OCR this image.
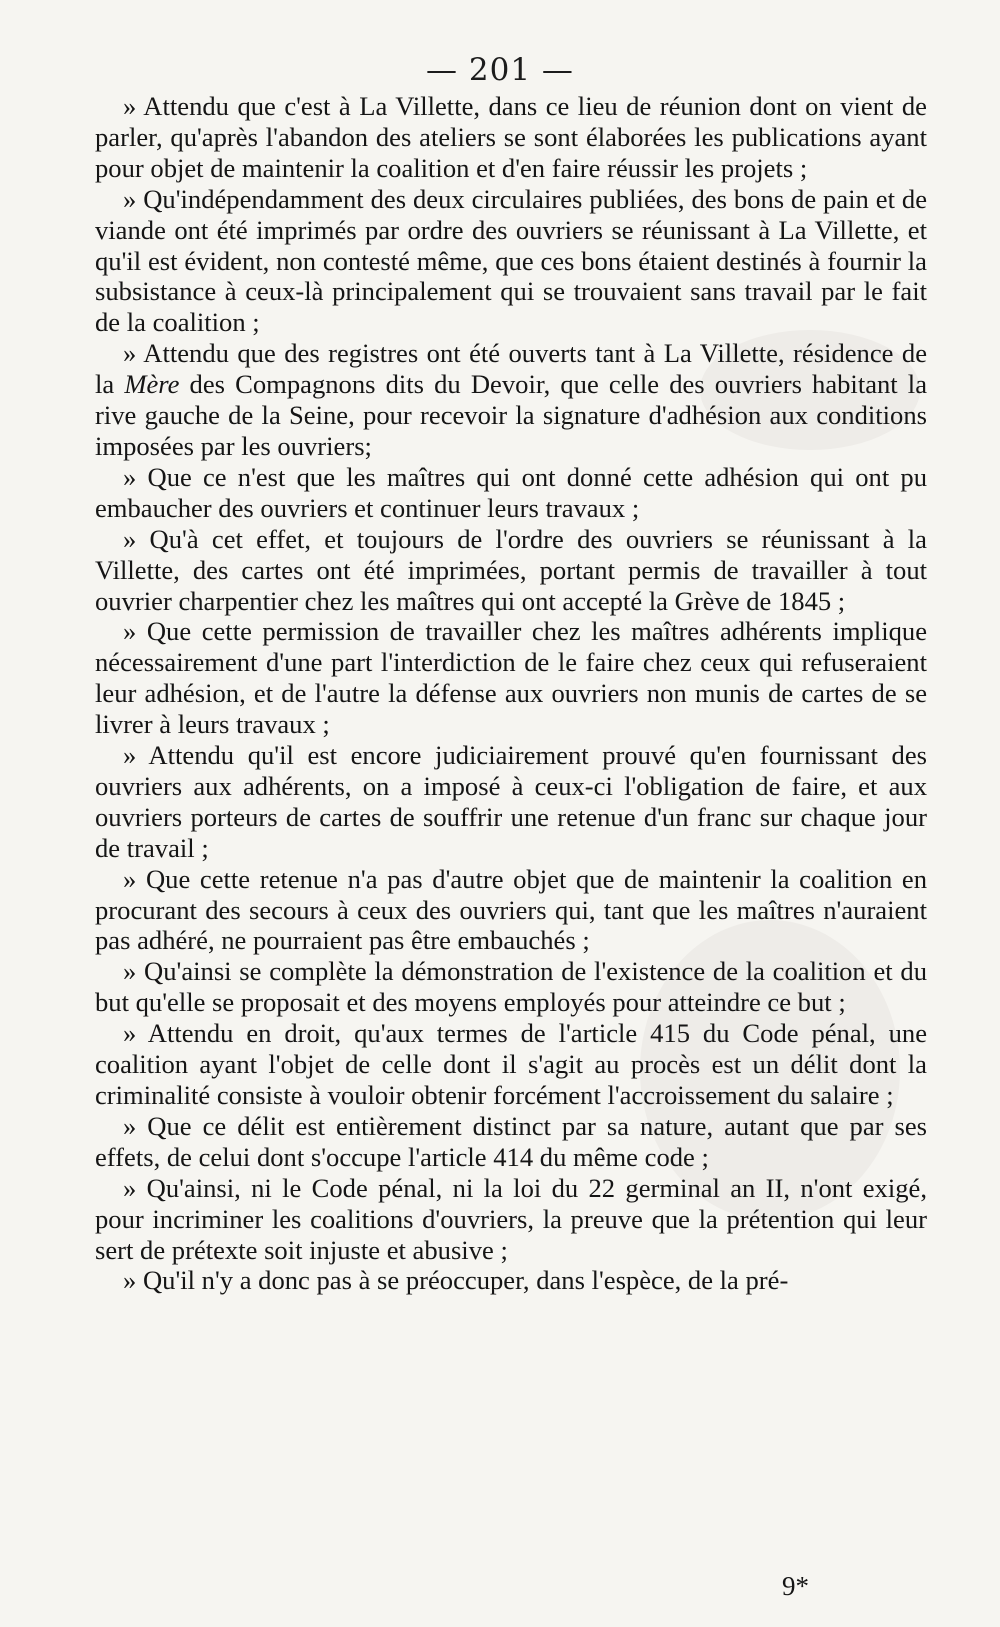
— 201 —

» Attendu que c'est à La Villette, dans ce lieu de réunion dont on vient de parler, qu'après l'abandon des ateliers se sont élaborées les publications ayant pour objet de maintenir la coalition et d'en faire réussir les projets ;

» Qu'indépendamment des deux circulaires publiées, des bons de pain et de viande ont été imprimés par ordre des ouvriers se réunissant à La Villette, et qu'il est évident, non contesté même, que ces bons étaient destinés à fournir la subsistance à ceux-là principalement qui se trouvaient sans travail par le fait de la coalition ;

» Attendu que des registres ont été ouverts tant à La Villette, résidence de la Mère des Compagnons dits du Devoir, que celle des ouvriers habitant la rive gauche de la Seine, pour recevoir la signature d'adhésion aux conditions imposées par les ouvriers;

» Que ce n'est que les maîtres qui ont donné cette adhésion qui ont pu embaucher des ouvriers et continuer leurs travaux ;

» Qu'à cet effet, et toujours de l'ordre des ouvriers se réunissant à la Villette, des cartes ont été imprimées, portant permis de travailler à tout ouvrier charpentier chez les maîtres qui ont accepté la Grève de 1845 ;

» Que cette permission de travailler chez les maîtres adhérents implique nécessairement d'une part l'interdiction de le faire chez ceux qui refuseraient leur adhésion, et de l'autre la défense aux ouvriers non munis de cartes de se livrer à leurs travaux ;

» Attendu qu'il est encore judiciairement prouvé qu'en fournissant des ouvriers aux adhérents, on a imposé à ceux-ci l'obligation de faire, et aux ouvriers porteurs de cartes de souffrir une retenue d'un franc sur chaque jour de travail ;

» Que cette retenue n'a pas d'autre objet que de maintenir la coalition en procurant des secours à ceux des ouvriers qui, tant que les maîtres n'auraient pas adhéré, ne pourraient pas être embauchés ;

» Qu'ainsi se complète la démonstration de l'existence de la coalition et du but qu'elle se proposait et des moyens employés pour atteindre ce but ;

» Attendu en droit, qu'aux termes de l'article 415 du Code pénal, une coalition ayant l'objet de celle dont il s'agit au procès est un délit dont la criminalité consiste à vouloir obtenir forcément l'accroissement du salaire ;

» Que ce délit est entièrement distinct par sa nature, autant que par ses effets, de celui dont s'occupe l'article 414 du même code ;

» Qu'ainsi, ni le Code pénal, ni la loi du 22 germinal an II, n'ont exigé, pour incriminer les coalitions d'ouvriers, la preuve que la prétention qui leur sert de prétexte soit injuste et abusive ;

» Qu'il n'y a donc pas à se préoccuper, dans l'espèce, de la pré-

9*
